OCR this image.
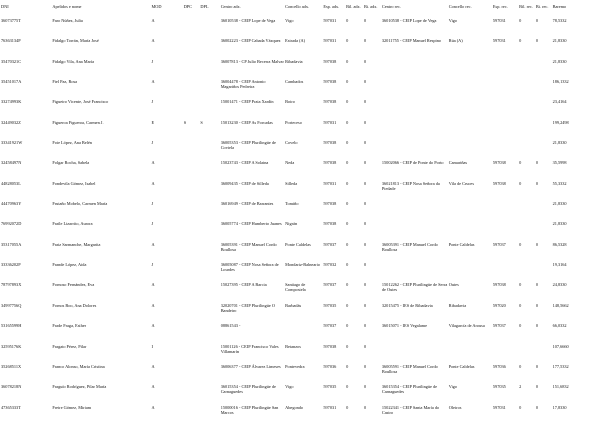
DNI	Apelidos e nome	MOD	DPC	DPL	Centro adx.	Concello adx.	Esp. adx.	Bil. adx.	Bi. adx.	Centro rec.	Concello rec.	Esp. rec.	Bil. rec.	Bi. rec.	Baremo
36073775T	Faro Núñez, Julia	A			36010538 - CEIP Lope de Vega	Vigo	597031	0	0	36010538 - CEIP Lope de Vega	Vigo	597031	0	0	78,5332
76363134P	Fidalgo Torrán, María José	A			36002223 - CEIP Cabada Vázquez	Estrada (A)	597031	0	0	32011755 - CEIP Manuel Respino	Rúa (A)	597031	0	0	21,8330
35470321C	Fidalgo Vila, Ana María	J			36007813 - CP Julio Becerra Malvar	Ribadavia	597038	0	0						21,8330
35451017A	Fiel Paz, Rosa	A			36004478 - CEIP Antonio Magariños Pedreira	Cambados	597038	0	0						186,1332
33274993K	Figueiro Vicente, José Francisco	J			15001471 - CEIP Praia Xardín	Boiro	597038	0	0						23,4164
32449032Z	Figueroa Figueroa, Carmen J.	E	S	S	15013230 - CEIP As Forcadas	Porteceso	597031	0	0						199,2498
33341921W	Foie López, Ana Belén	J			36005353 - CEIP Plurilingüe de Coviela	Covelo	597038	0	0						21,8330
32458497N	Folgar Rocha, Sabela	A			15023743 - CEIP A Solaina	Neda	597038	0	0	15002066 - CEIP de Ponte do Porto	Camariñas	597038	0	0	35,5998
44828053L	Fondevila Gómez, Isabel	A			36009435 - CEIP de Silleda	Silleda	597031	0	0	36021813 - CEIP Nosa Señora da Piedade	Vila de Cruces	597038	0	0	55,3332
44470963Y	Frutaño Mobelo, Carmen María	J			36016949 - CEIP de Barrantes	Tomiño	597038	0	0						21,8330
76992072D	Fraile Lizarrito, Aurora	J			36005774 - CEIP Humberto Juanes	Nigrán	597038	0	0						21,8330
35317055A	Fraiz Sarmanche, Margarita	A			36005391 - CEIP Manuel Cordo Boullosa	Ponte Caldelas	597037	0	0	36005391 - CEIP Manuel Cordo Boullosa	Ponte Caldelas	597037	0	0	86,5328
33336202P	Frande López, Aida	J			36005087 - CEIP Nosa Señora de Lourdes	Mondariz-Balneario	597032	0	0						19,3164
78797893X	Fornoso Fernández, Eva	A			15027395 - CEIP A Barcia	Santiago de Compostela	597037	0	0	15012262 - CEIP Plurilingüe de Serra de Outes	Outes	597038	0	0	24,8330
34997756Q	Fornos Boo, Ana Dolores	A			32020701 - CEIP Plurilingüe O Bandeiro	Barbadás	597035	0	0	32015475 - IES de Ribadavia	Ribadavia	597020	0	0	148,5662
53165599H	Frade Fraga, Esther	A			08861543 -		597037	0	0	36015071 - IES Vegalame	Vilagarcía de Arousa	597037	0	0	66,0332
32595176K	Fragato Pérez, Pilar	I			15001126 - CEIP Francisco Vales Villamarín	Betanzos	597038	0	0						107,6660
35268511X	Franco Alonso, María Cristina	A			36006377 - CEIP Álvarez Limeses	Pontevedra	597036	0	0	36005591 - CEIP Manuel Cordo Boullosa	Ponte Caldelas	597036	0	0	177,5332
36078218N	Fraguío Rodríguez, Pilar María	A			36015354 - CEIP Plurilingüe de Carnaguedes	Vigo	597035	0	0	36015354 - CEIP Plurilingüe de Carnaguedes	Vigo	597035	2	0	151,6832
47365333T	Freire Gómez, Miriam	A			15000016 - CEIP Plurilingüe San Marcos	Abegondo	597031	0	0	15022341 - CEIP Santa María do Castro	Oleiros	597031	0	0	17,8330
